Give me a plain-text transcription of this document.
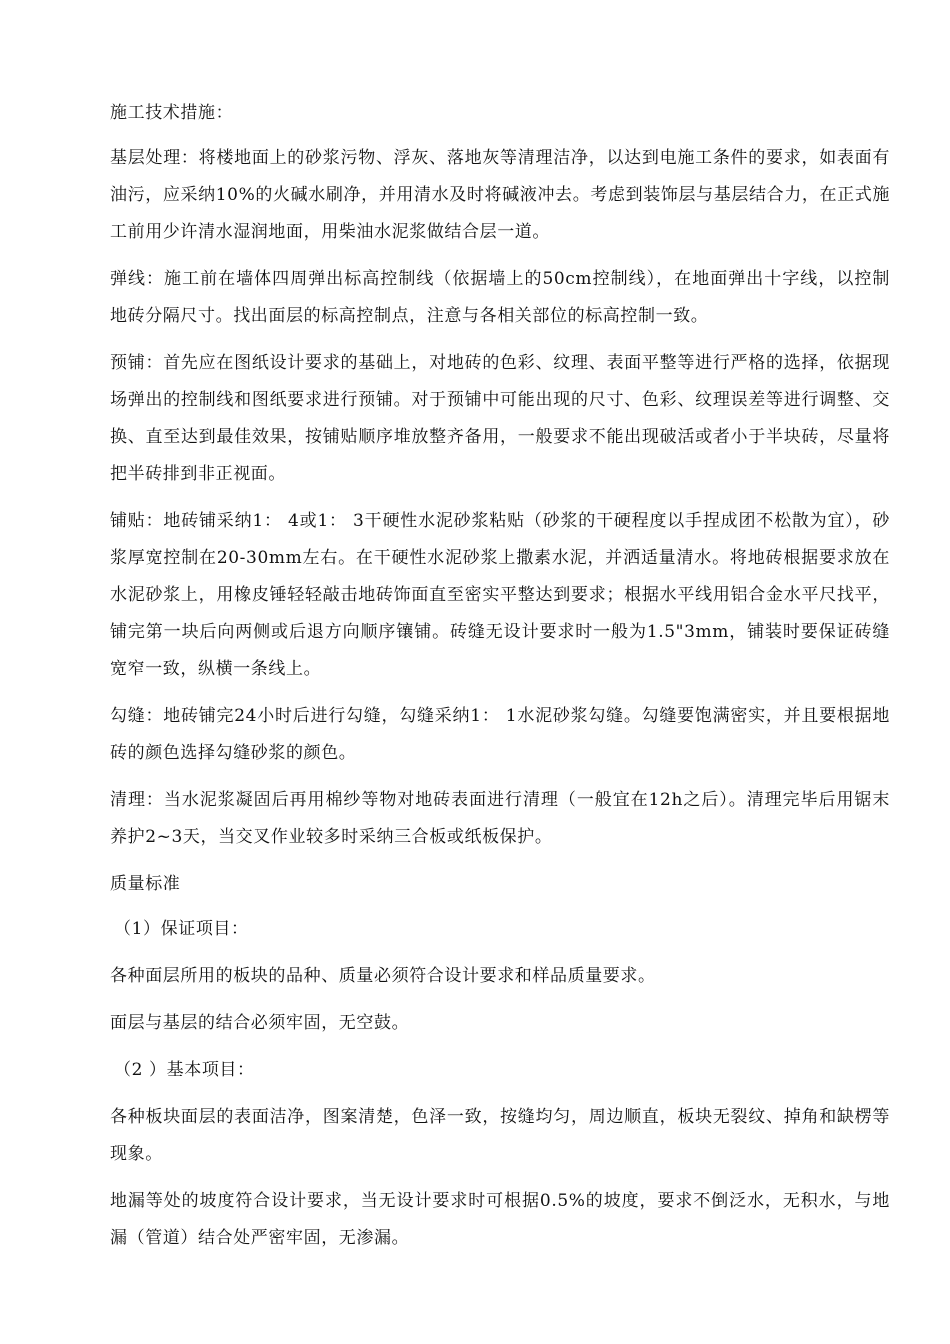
施工技术措施：

基层处理：将楼地面上的砂浆污物、浮灰、落地灰等清理洁净，以达到电施工条件的要求，如表面有油污，应采纳10%的火碱水刷净，并用清水及时将碱液冲去。考虑到装饰层与基层结合力，在正式施工前用少许清水湿润地面，用柴油水泥浆做结合层一道。

弹线：施工前在墙体四周弹出标高控制线（依据墙上的50cm控制线），在地面弹出十字线，以控制地砖分隔尺寸。找出面层的标高控制点，注意与各相关部位的标高控制一致。

预铺：首先应在图纸设计要求的基础上，对地砖的色彩、纹理、表面平整等进行严格的选择，依据现场弹出的控制线和图纸要求进行预铺。对于预铺中可能出现的尺寸、色彩、纹理误差等进行调整、交换、直至达到最佳效果，按铺贴顺序堆放整齐备用，一般要求不能出现破活或者小于半块砖，尽量将把半砖排到非正视面。

铺贴：地砖铺采纳1： 4或1： 3干硬性水泥砂浆粘贴（砂浆的干硬程度以手捏成团不松散为宜），砂浆厚宽控制在20-30mm左右。在干硬性水泥砂浆上撒素水泥，并洒适量清水。将地砖根据要求放在水泥砂浆上，用橡皮锤轻轻敲击地砖饰面直至密实平整达到要求；根据水平线用铝合金水平尺找平，铺完第一块后向两侧或后退方向顺序镶铺。砖缝无设计要求时一般为1.5"3mm，铺装时要保证砖缝宽窄一致，纵横一条线上。

勾缝：地砖铺完24小时后进行勾缝，勾缝采纳1： 1水泥砂浆勾缝。勾缝要饱满密实，并且要根据地砖的颜色选择勾缝砂浆的颜色。

清理：当水泥浆凝固后再用棉纱等物对地砖表面进行清理（一般宜在12h之后）。清理完毕后用锯末养护2~3天，当交叉作业较多时采纳三合板或纸板保护。

质量标准

（1）保证项目：

各种面层所用的板块的品种、质量必须符合设计要求和样品质量要求。

面层与基层的结合必须牢固，无空鼓。

（2 ）基本项目：

各种板块面层的表面洁净，图案清楚，色泽一致，按缝均匀，周边顺直，板块无裂纹、掉角和缺楞等现象。

地漏等处的坡度符合设计要求，当无设计要求时可根据0.5%的坡度，要求不倒泛水，无积水，与地漏（管道）结合处严密牢固，无渗漏。
